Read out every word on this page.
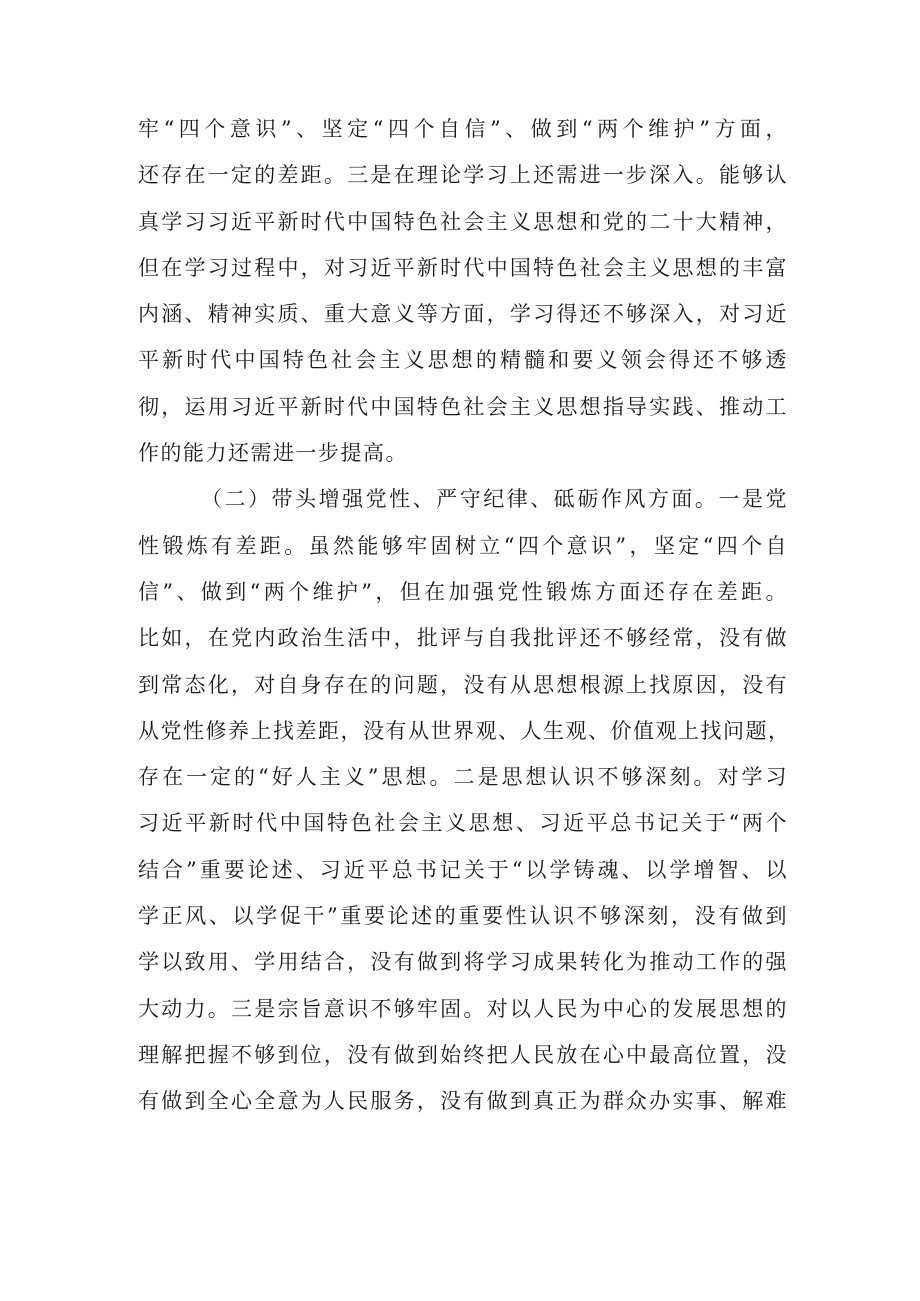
牢“四个意识”、坚定“四个自信”、做到“两个维护”方面，
还存在一定的差距。三是在理论学习上还需进一步深入。能够认
真学习习近平新时代中国特色社会主义思想和党的二十大精神，
但在学习过程中，对习近平新时代中国特色社会主义思想的丰富
内涵、精神实质、重大意义等方面，学习得还不够深入，对习近
平新时代中国特色社会主义思想的精髓和要义领会得还不够透
彻，运用习近平新时代中国特色社会主义思想指导实践、推动工
作的能力还需进一步提高。
（二）带头增强党性、严守纪律、砥砺作风方面。一是党
性锻炼有差距。虽然能够牢固树立“四个意识”，坚定“四个自
信”、做到“两个维护”，但在加强党性锻炼方面还存在差距。
比如，在党内政治生活中，批评与自我批评还不够经常，没有做
到常态化，对自身存在的问题，没有从思想根源上找原因，没有
从党性修养上找差距，没有从世界观、人生观、价值观上找问题，
存在一定的“好人主义”思想。二是思想认识不够深刻。对学习
习近平新时代中国特色社会主义思想、习近平总书记关于“两个
结合”重要论述、习近平总书记关于“以学铸魂、以学增智、以
学正风、以学促干”重要论述的重要性认识不够深刻，没有做到
学以致用、学用结合，没有做到将学习成果转化为推动工作的强
大动力。三是宗旨意识不够牢固。对以人民为中心的发展思想的
理解把握不够到位，没有做到始终把人民放在心中最高位置，没
有做到全心全意为人民服务，没有做到真正为群众办实事、解难
